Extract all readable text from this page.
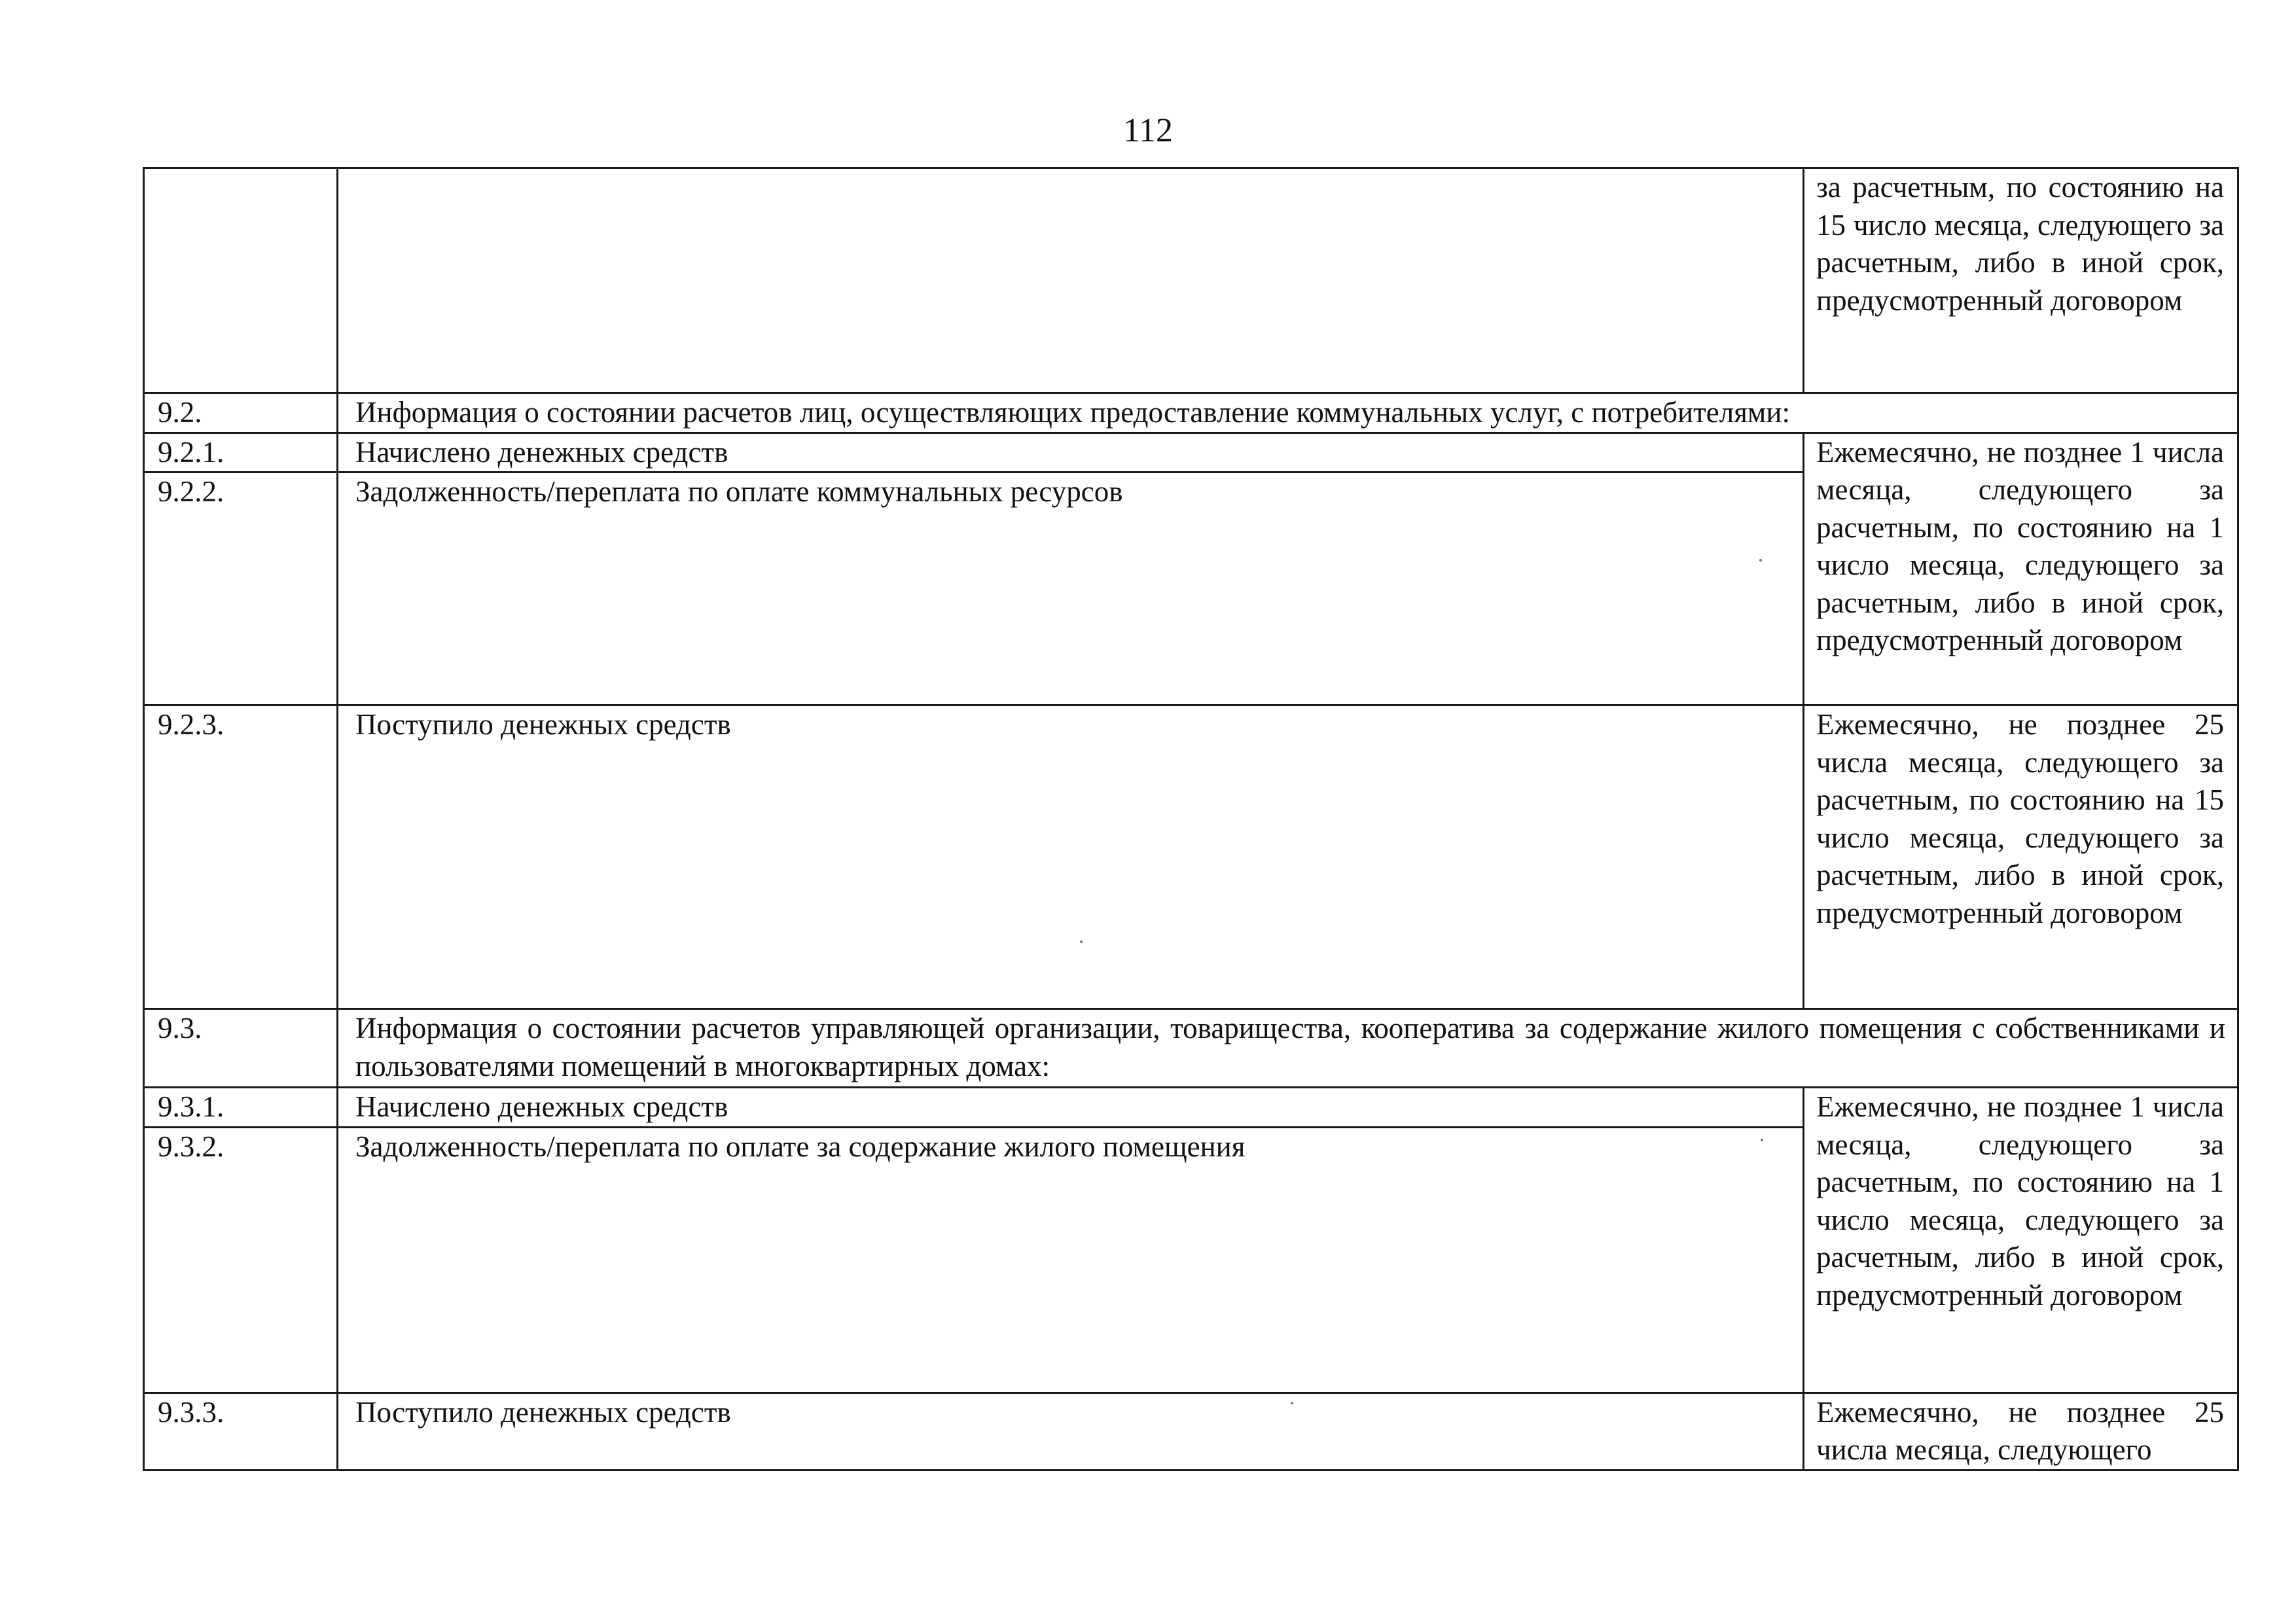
112
		за расчетным, по состоянию на 15 число месяца, следующего за расчетным, либо в иной срок, предусмотренный договором
9.2.	Информация о состоянии расчетов лиц, осуществляющих предоставление коммунальных услуг, с потребителями:	
9.2.1.	Начислено денежных средств	Ежемесячно, не позднее 1 числа месяца, следующего за расчетным, по состоянию на 1 число месяца, следующего за расчетным, либо в иной срок, предусмотренный договором
9.2.2.	Задолженность/переплата по оплате коммунальных ресурсов	
9.2.3.	Поступило денежных средств	Ежемесячно, не позднее 25 числа месяца, следующего за расчетным, по состоянию на 15 число месяца, следующего за расчетным, либо в иной срок, предусмотренный договором
9.3.	Информация о состоянии расчетов управляющей организации, товарищества, кооператива за содержание жилого помещения с собственниками и пользователями помещений в многоквартирных домах:	
9.3.1.	Начислено денежных средств	Ежемесячно, не позднее 1 числа месяца, следующего за расчетным, по состоянию на 1 число месяца, следующего за расчетным, либо в иной срок, предусмотренный договором
9.3.2.	Задолженность/переплата по оплате за содержание жилого помещения	
9.3.3.	Поступило денежных средств	Ежемесячно, не позднее 25 числа месяца, следующего
